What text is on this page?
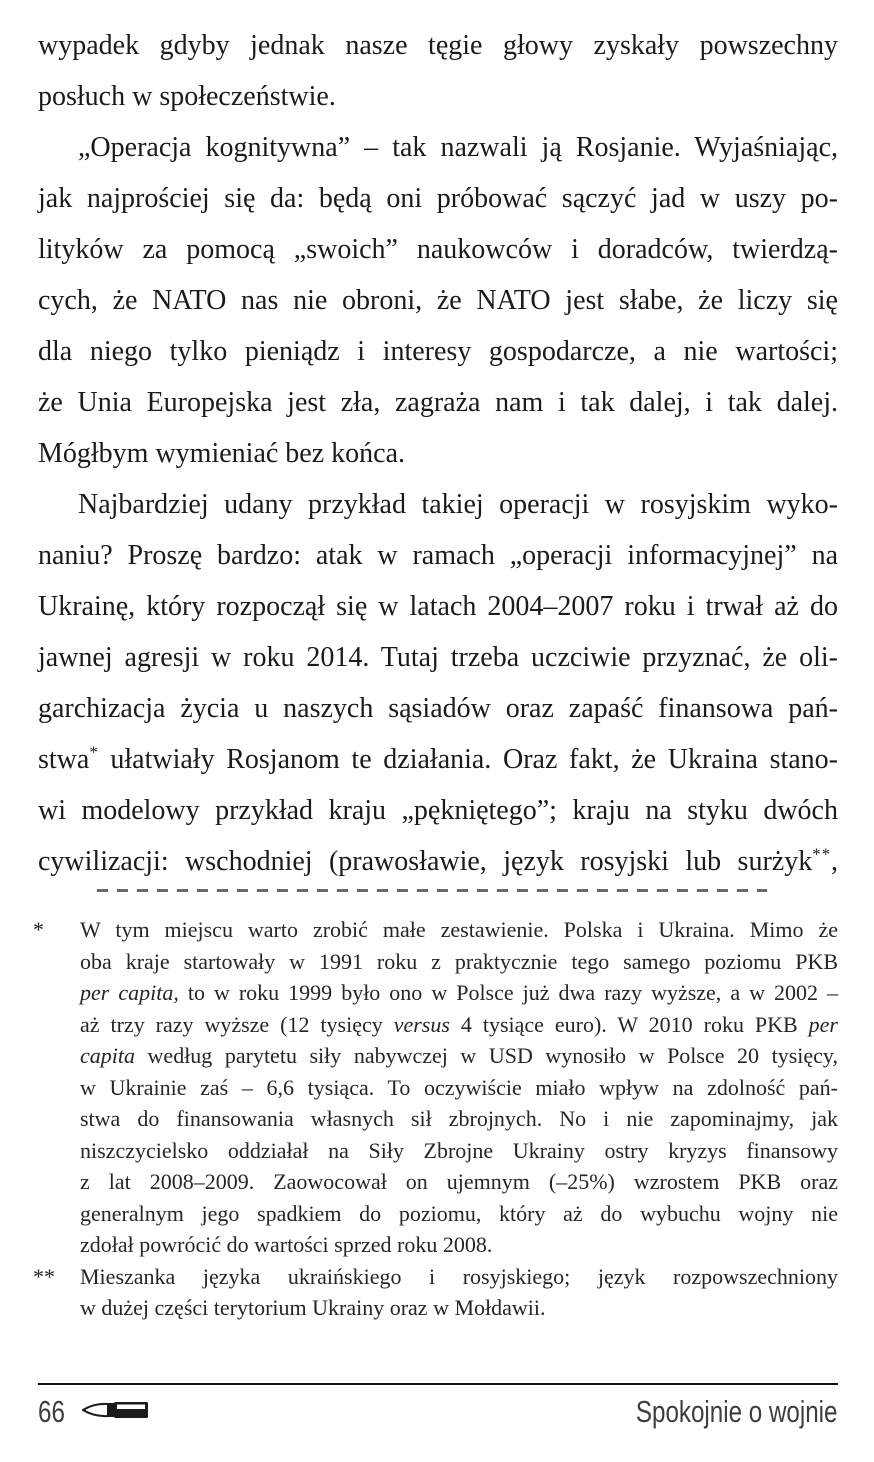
wypadek gdyby jednak nasze tęgie głowy zyskały powszechny
posłuch w społeczeństwie.
„Operacja kognitywna” – tak nazwali ją Rosjanie. Wyjaśniając,
jak najprościej się da: będą oni próbować sączyć jad w uszy po-
lityków za pomocą „swoich” naukowców i doradców, twierdzą-
cych, że NATO nas nie obroni, że NATO jest słabe, że liczy się
dla niego tylko pieniądz i interesy gospodarcze, a nie wartości;
że Unia Europejska jest zła, zagraża nam i tak dalej, i tak dalej.
Mógłbym wymieniać bez końca.
Najbardziej udany przykład takiej operacji w rosyjskim wyko-
naniu? Proszę bardzo: atak w ramach „operacji informacyjnej” na
Ukrainę, który rozpoczął się w latach 2004–2007 roku i trwał aż do
jawnej agresji w roku 2014. Tutaj trzeba uczciwie przyznać, że oli-
garchizacja życia u naszych sąsiadów oraz zapaść finansowa pań-
stwa* ułatwiały Rosjanom te działania. Oraz fakt, że Ukraina stano-
wi modelowy przykład kraju „pękniętego”; kraju na styku dwóch
cywilizacji: wschodniej (prawosławie, język rosyjski lub surżyk**,
*	W tym miejscu warto zrobić małe zestawienie. Polska i Ukraina. Mimo że
oba kraje startowały w 1991 roku z praktycznie tego samego poziomu PKB
per capita, to w roku 1999 było ono w Polsce już dwa razy wyższe, a w 2002 –
aż trzy razy wyższe (12 tysięcy versus 4 tysiące euro). W 2010 roku PKB per
capita według parytetu siły nabywczej w USD wynosiło w Polsce 20 tysięcy,
w Ukrainie zaś – 6,6 tysiąca. To oczywiście miało wpływ na zdolność pań-
stwa do finansowania własnych sił zbrojnych. No i nie zapominajmy, jak
niszczycielsko oddziałał na Siły Zbrojne Ukrainy ostry kryzys finansowy
z lat 2008–2009. Zaowocował on ujemnym (–25%) wzrostem PKB oraz
generalnym jego spadkiem do poziomu, który aż do wybuchu wojny nie
zdołał powrócić do wartości sprzed roku 2008.
**	Mieszanka języka ukraińskiego i rosyjskiego; język rozpowszechniony
w dużej części terytorium Ukrainy oraz w Mołdawii.
66	Spokojnie o wojnie
